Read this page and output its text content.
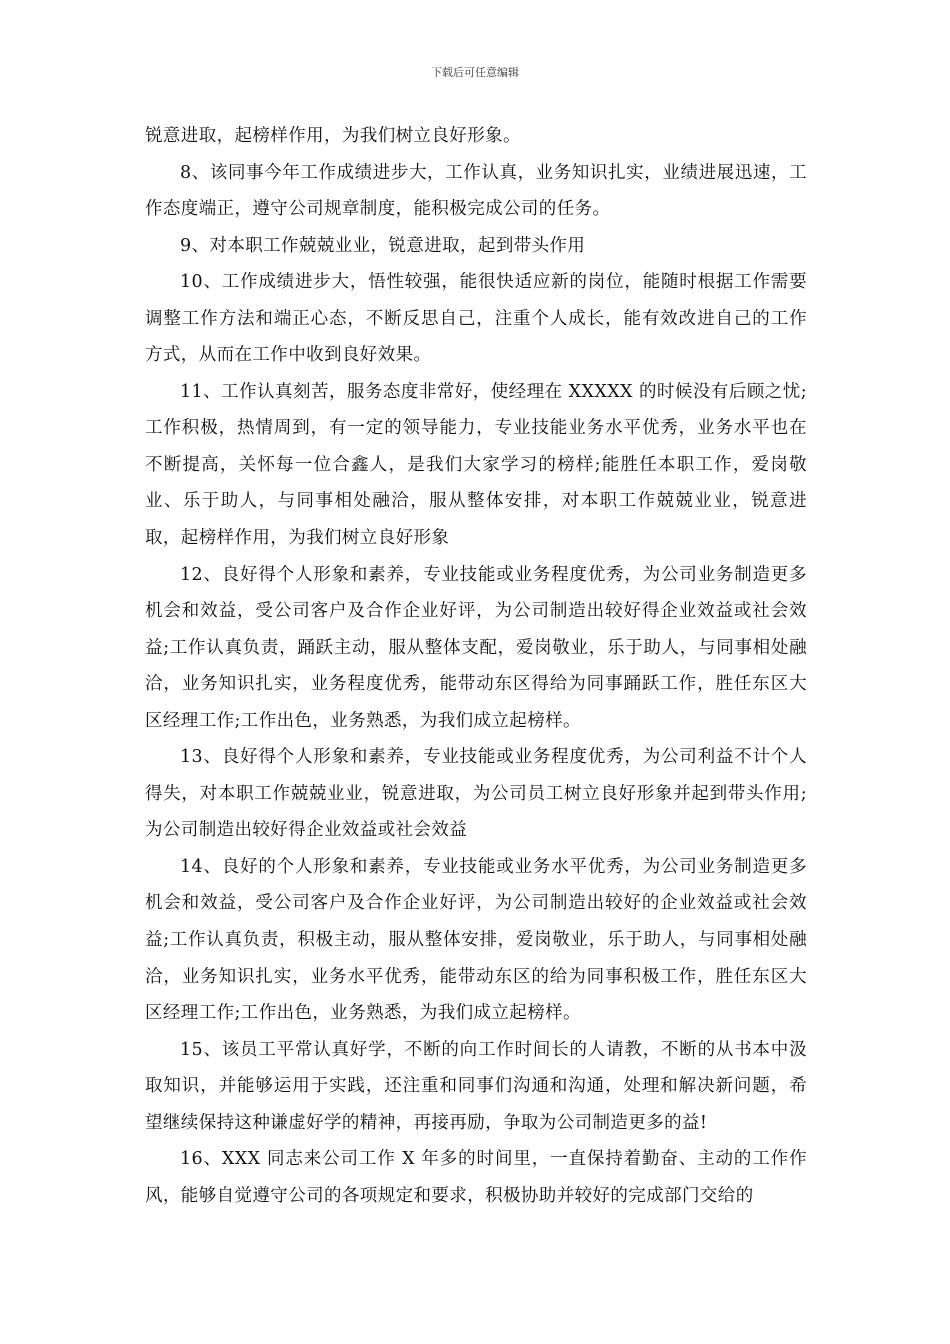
下载后可任意编辑

锐意进取，起榜样作用，为我们树立良好形象。

8、该同事今年工作成绩进步大，工作认真，业务知识扎实，业绩进展迅速，工作态度端正，遵守公司规章制度，能积极完成公司的任务。

9、对本职工作兢兢业业，锐意进取，起到带头作用

10、工作成绩进步大，悟性较强，能很快适应新的岗位，能随时根据工作需要调整工作方法和端正心态，不断反思自己，注重个人成长，能有效改进自己的工作方式，从而在工作中收到良好效果。

11、工作认真刻苦，服务态度非常好，使经理在 XXXXX 的时候没有后顾之忧;工作积极，热情周到，有一定的领导能力，专业技能业务水平优秀，业务水平也在不断提高，关怀每一位合鑫人，是我们大家学习的榜样;能胜任本职工作，爱岗敬业、乐于助人，与同事相处融洽，服从整体安排，对本职工作兢兢业业，锐意进取，起榜样作用，为我们树立良好形象

12、良好得个人形象和素养，专业技能或业务程度优秀，为公司业务制造更多机会和效益，受公司客户及合作企业好评，为公司制造出较好得企业效益或社会效益;工作认真负责，踊跃主动，服从整体支配，爱岗敬业，乐于助人，与同事相处融洽，业务知识扎实，业务程度优秀，能带动东区得给为同事踊跃工作，胜任东区大区经理工作;工作出色，业务熟悉，为我们成立起榜样。

13、良好得个人形象和素养，专业技能或业务程度优秀，为公司利益不计个人得失，对本职工作兢兢业业，锐意进取，为公司员工树立良好形象并起到带头作用;为公司制造出较好得企业效益或社会效益

14、良好的个人形象和素养，专业技能或业务水平优秀，为公司业务制造更多机会和效益，受公司客户及合作企业好评，为公司制造出较好的企业效益或社会效益;工作认真负责，积极主动，服从整体安排，爱岗敬业，乐于助人，与同事相处融洽，业务知识扎实，业务水平优秀，能带动东区的给为同事积极工作，胜任东区大区经理工作;工作出色，业务熟悉，为我们成立起榜样。

15、该员工平常认真好学，不断的向工作时间长的人请教，不断的从书本中汲取知识，并能够运用于实践，还注重和同事们沟通和沟通，处理和解决新问题，希望继续保持这种谦虚好学的精神，再接再励，争取为公司制造更多的益!

16、XXX 同志来公司工作 X 年多的时间里，一直保持着勤奋、主动的工作作风，能够自觉遵守公司的各项规定和要求，积极协助并较好的完成部门交给的
